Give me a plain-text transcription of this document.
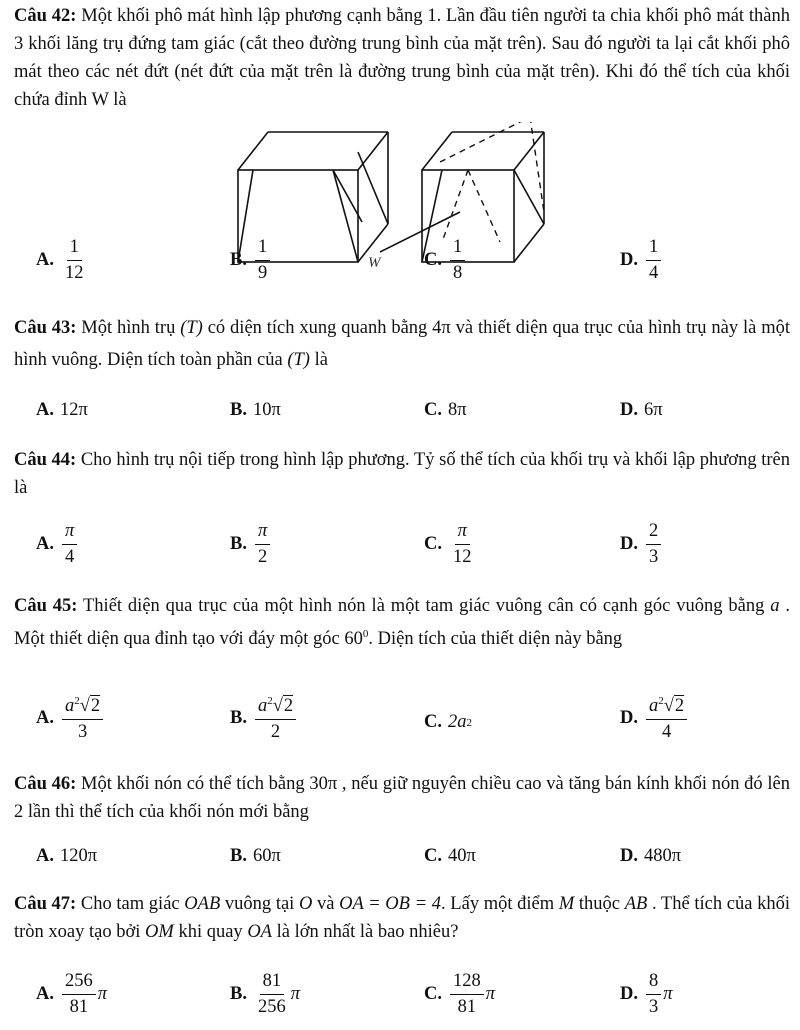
Câu 42: Một khối phô mát hình lập phương cạnh bằng 1. Lần đầu tiên người ta chia khối phô mát thành 3 khối lăng trụ đứng tam giác (cắt theo đường trung bình của mặt trên). Sau đó người ta lại cắt khối phô mát theo các nét đứt (nét đứt của mặt trên là đường trung bình của mặt trên). Khi đó thể tích của khối chứa đỉnh W là
W
A. $\frac{1}{12}$	B. $\frac{1}{9}$	C. $\frac{1}{8}$	D. $\frac{1}{4}$
Câu 43: Một hình trụ (T) có diện tích xung quanh bằng 4π và thiết diện qua trục của hình trụ này là một hình vuông. Diện tích toàn phần của (T) là
A. 12π	B. 10π	C. 8π	D. 6π
Câu 44: Cho hình trụ nội tiếp trong hình lập phương. Tỷ số thể tích của khối trụ và khối lập phương trên là
A. $\frac{\pi}{4}$	B. $\frac{\pi}{2}$	C. $\frac{\pi}{12}$	D. $\frac{2}{3}$
Câu 45: Thiết diện qua trục của một hình nón là một tam giác vuông cân có cạnh góc vuông bằng a . Một thiết diện qua đỉnh tạo với đáy một góc $60^0$. Diện tích của thiết diện này bằng
A. $\frac{a^2√2}{3}$	B. $\frac{a^2√2}{2}$	C. 2a 2	D. $\frac{a^2√2}{4}$
Câu 46: Một khối nón có thể tích bằng 30π , nếu giữ nguyên chiều cao và tăng bán kính khối nón đó lên 2 lần thì thể tích của khối nón mới bằng
A. 120π	B. 60π	C. 40π	D. 480π
Câu 47: Cho tam giác OAB vuông tại O và OA = OB = 4. Lấy một điểm M thuộc AB . Thể tích của khối tròn xoay tạo bởi OM khi quay OA là lớn nhất là bao nhiêu?
A. $\frac{256}{81}$ π	B. $\frac{81}{256}$ π	C. $\frac{128}{81}$ π	D. $\frac{8}{3}$ π
